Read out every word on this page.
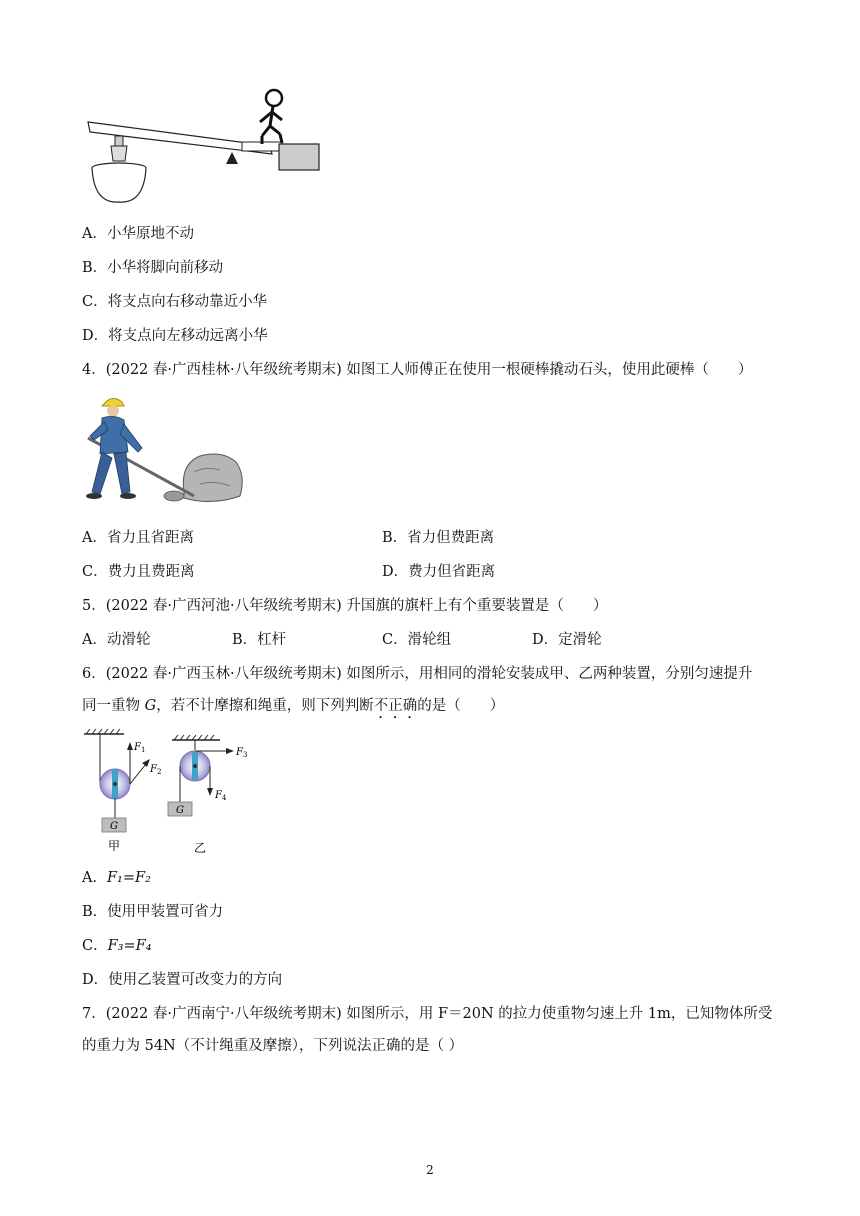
A．小华原地不动
B．小华将脚向前移动
C．将支点向右移动靠近小华
D．将支点向左移动远离小华
4．(2022 春·广西桂林·八年级统考期末) 如图工人师傅正在使用一根硬棒撬动石头，使用此硬棒（　　）
A．省力且省距离	B．省力但费距离
C．费力且费距离	D．费力但省距离
5．(2022 春·广西河池·八年级统考期末) 升国旗的旗杆上有个重要装置是（　　）
A．动滑轮	B．杠杆	C．滑轮组	D．定滑轮
6．(2022 春·广西玉林·八年级统考期末) 如图所示，用相同的滑轮安装成甲、乙两种装置，分别匀速提升
同一重物 G，若不计摩擦和绳重，则下列判断不正确的是（　　）
$F_1$
$F_2$
G
甲
$F_3$
$F_4$
G
乙
A．F₁=F₂
B．使用甲装置可省力
C．F₃=F₄
D．使用乙装置可改变力的方向
7．(2022 春·广西南宁·八年级统考期末) 如图所示，用 F＝20N 的拉力使重物匀速上升 1m，已知物体所受
的重力为 54N（不计绳重及摩擦），下列说法正确的是（ ）
2
